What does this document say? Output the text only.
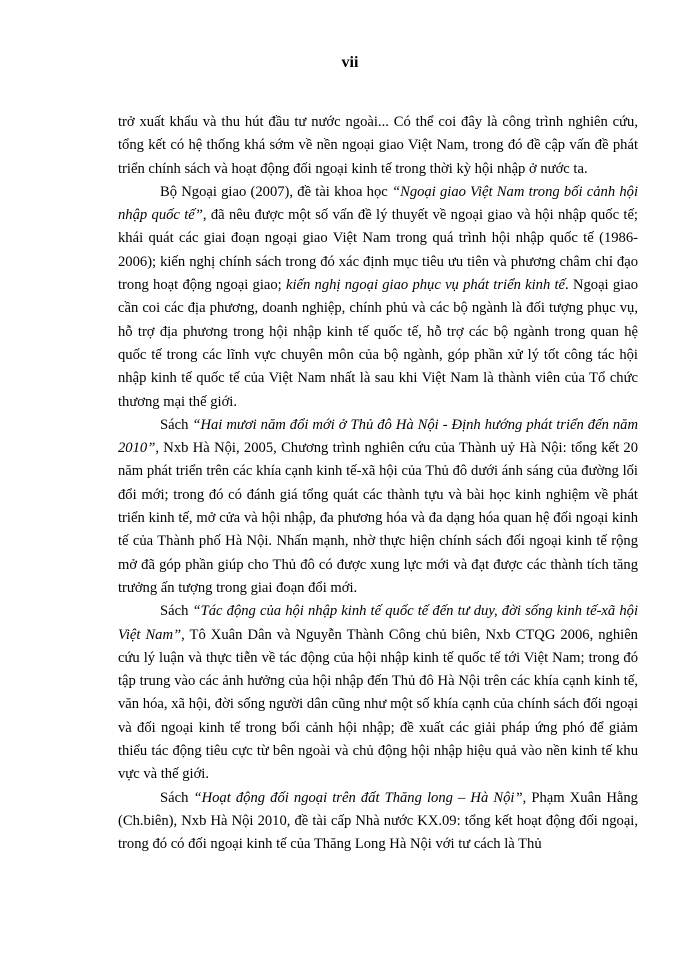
vii

trở xuất khẩu và thu hút đầu tư nước ngoài... Có thể coi đây là công trình nghiên cứu, tổng kết có hệ thống khá sớm về nền ngoại giao Việt Nam, trong đó đề cập vấn đề phát triển chính sách và hoạt động đối ngoại kinh tế trong thời kỳ hội nhập ở nước ta.

Bộ Ngoại giao (2007), đề tài khoa học “Ngoại giao Việt Nam trong bối cảnh hội nhập quốc tế”, đã nêu được một số vấn đề lý thuyết về ngoại giao và hội nhập quốc tế; khái quát các giai đoạn ngoại giao Việt Nam trong quá trình hội nhập quốc tế (1986-2006); kiến nghị chính sách trong đó xác định mục tiêu ưu tiên và phương châm chỉ đạo trong hoạt động ngoại giao; kiến nghị ngoại giao phục vụ phát triển kinh tế. Ngoại giao cần coi các địa phương, doanh nghiệp, chính phủ và các bộ ngành là đối tượng phục vụ, hỗ trợ địa phương trong hội nhập kinh tế quốc tế, hỗ trợ các bộ ngành trong quan hệ quốc tế trong các lĩnh vực chuyên môn của bộ ngành, góp phần xử lý tốt công tác hội nhập kinh tế quốc tế của Việt Nam nhất là sau khi Việt Nam là thành viên của Tổ chức thương mại thế giới.

Sách “Hai mươi năm đổi mới ở Thủ đô Hà Nội - Định hướng phát triển đến năm 2010”, Nxb Hà Nội, 2005, Chương trình nghiên cứu của Thành uỷ Hà Nội: tổng kết 20 năm phát triển trên các khía cạnh kinh tế-xã hội của Thủ đô dưới ánh sáng của đường lối đổi mới; trong đó có đánh giá tổng quát các thành tựu và bài học kinh nghiệm về phát triển kinh tế, mở cửa và hội nhập, đa phương hóa và đa dạng hóa quan hệ đối ngoại kinh tế của Thành phố Hà Nội. Nhấn mạnh, nhờ thực hiện chính sách đối ngoại kinh tế rộng mở đã góp phần giúp cho Thủ đô có được xung lực mới và đạt được các thành tích tăng trưởng ấn tượng trong giai đoạn đổi mới.

Sách “Tác động của hội nhập kinh tế quốc tế đến tư duy, đời sống kinh tế-xã hội Việt Nam”, Tô Xuân Dân và Nguyễn Thành Công chủ biên, Nxb CTQG 2006, nghiên cứu lý luận và thực tiễn về tác động của hội nhập kinh tế quốc tế tới Việt Nam; trong đó tập trung vào các ảnh hưởng của hội nhập đến Thủ đô Hà Nội trên các khía cạnh kinh tế, văn hóa, xã hội, đời sống người dân cũng như một số khía cạnh của chính sách đối ngoại và đối ngoại kinh tế trong bối cảnh hội nhập; đề xuất các giải pháp ứng phó để giảm thiểu tác động tiêu cực từ bên ngoài và chủ động hội nhập hiệu quả vào nền kinh tế khu vực và thế giới.

Sách “Hoạt động đối ngoại trên đất Thăng long – Hà Nội”, Phạm Xuân Hằng (Ch.biên), Nxb Hà Nội 2010, đề tài cấp Nhà nước KX.09: tổng kết hoạt động đối ngoại, trong đó có đối ngoại kinh tế của Thăng Long Hà Nội với tư cách là Thủ
